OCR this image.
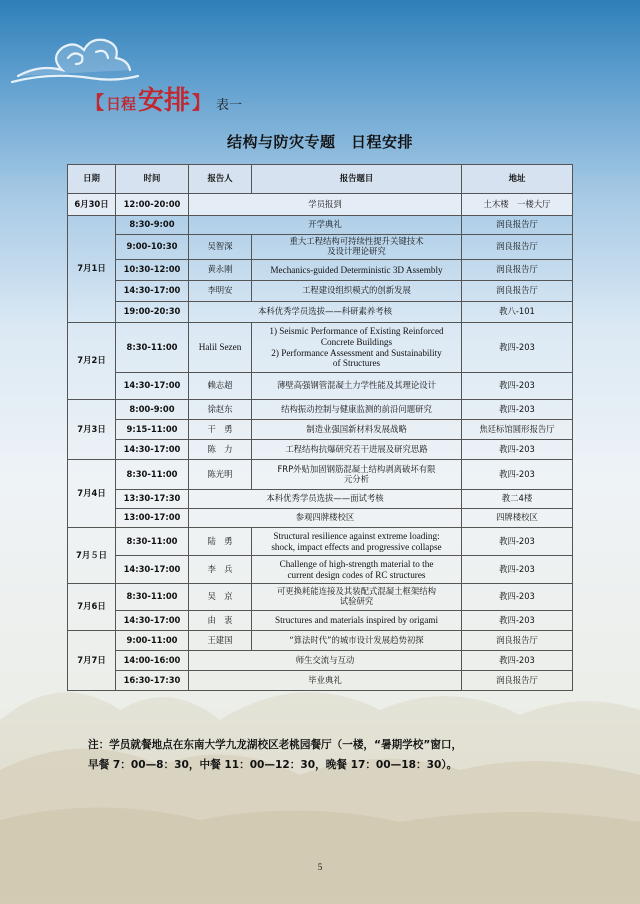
【 日程 安排 】 表一
结构与防灾专题　日程安排
日期	时间	报告人	报告题目	地址
6月30日	12:00-20:00	学员报到		土木楼　一楼大厅
7月1日	8:30-9:00	开学典礼		润良报告厅
	9:00-10:30	吴智深	重大工程结构可持续性提升关键技术
及设计理论研究	润良报告厅
	10:30-12:00	黄永刚	Mechanics-guided Deterministic 3D Assembly	润良报告厅
	14:30-17:00	李明安	工程建设组织模式的创新发展	润良报告厅
	19:00-20:30	本科优秀学员选拔——科研素养考核		教八-101
7月2日	8:30-11:00	Halil Sezen	1) Seismic Performance of Existing Reinforced
Concrete Buildings
2) Performance Assessment and Sustainability
of Structures	教四-203
	14:30-17:00	赖志超	薄壁高强钢管混凝土力学性能及其理论设计	教四-203
7月3日	8:00-9:00	徐赵东	结构振动控制与健康监测的前沿问题研究	教四-203
	9:15-11:00	干　勇	制造业强国新材料发展战略	焦廷标馆圆形报告厅
	14:30-17:00	陈　力	工程结构抗爆研究若干进展及研究思路	教四-203
7月4日	8:30-11:00	陈光明	FRP外贴加固钢筋混凝土结构剥离破坏有限
元分析	教四-203
	13:30-17:30	本科优秀学员选拔——面试考核		教二4楼
	13:00-17:00	参观四牌楼校区		四牌楼校区
7月５日	8:30-11:00	陆　勇	Structural resilience against extreme loading:
shock, impact effects and progressive collapse	教四-203
	14:30-17:00	李　兵	Challenge of high-strength material to the
current design codes of RC structures	教四-203
7月6日	8:30-11:00	吴　京	可更换耗能连接及其装配式混凝土框架结构
试验研究	教四-203
	14:30-17:00	由　衷	Structures and materials inspired by origami	教四-203
7月7日	9:00-11:00	王建国	“算法时代”的城市设计发展趋势初探	润良报告厅
	14:00-16:00	师生交流与互动		教四-203
	16:30-17:30	毕业典礼		润良报告厅
注：学员就餐地点在东南大学九龙湖校区老桃园餐厅（一楼，“暑期学校”窗口，
早餐 7：00—8：30，中餐 11：00—12：30，晚餐 17：00—18：30）。
5
